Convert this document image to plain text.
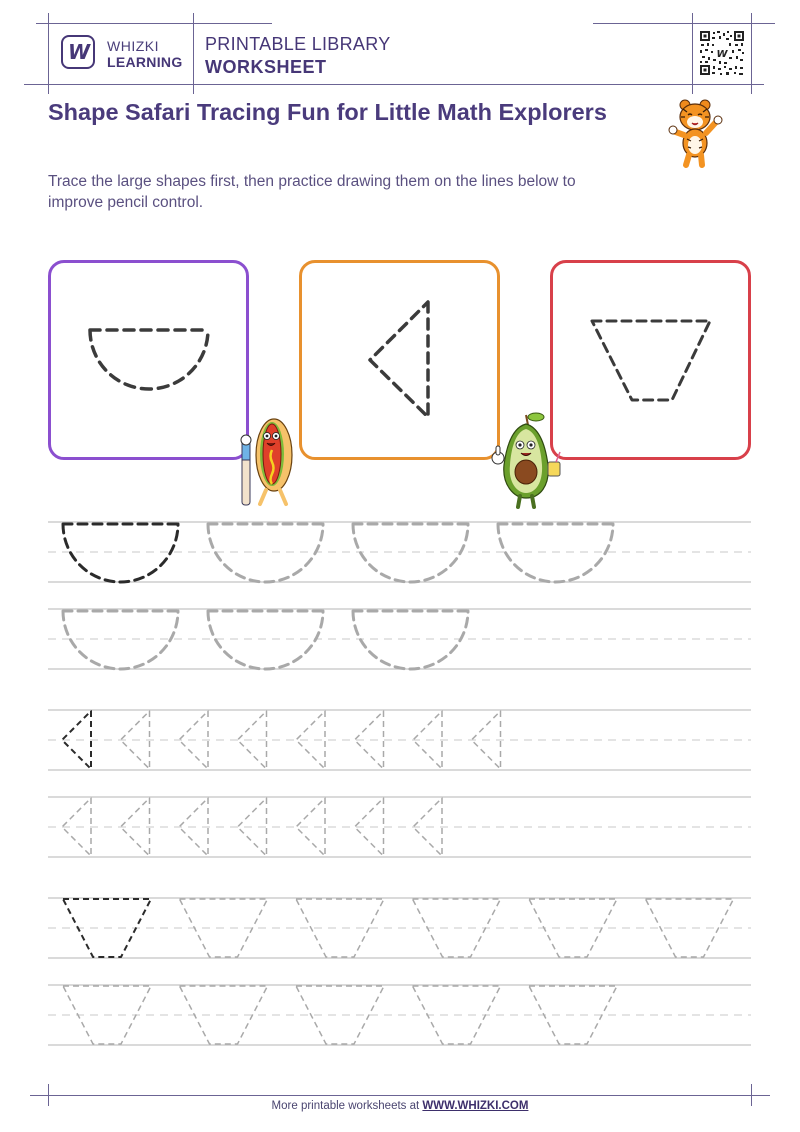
W WHIZKI
LEARNING
PRINTABLE LIBRARY
WORKSHEET
W
Shape Safari Tracing Fun for Little Math Explorers
Trace the large shapes first, then practice drawing them on the lines below to improve pencil control.
More printable worksheets at WWW.WHIZKI.COM
